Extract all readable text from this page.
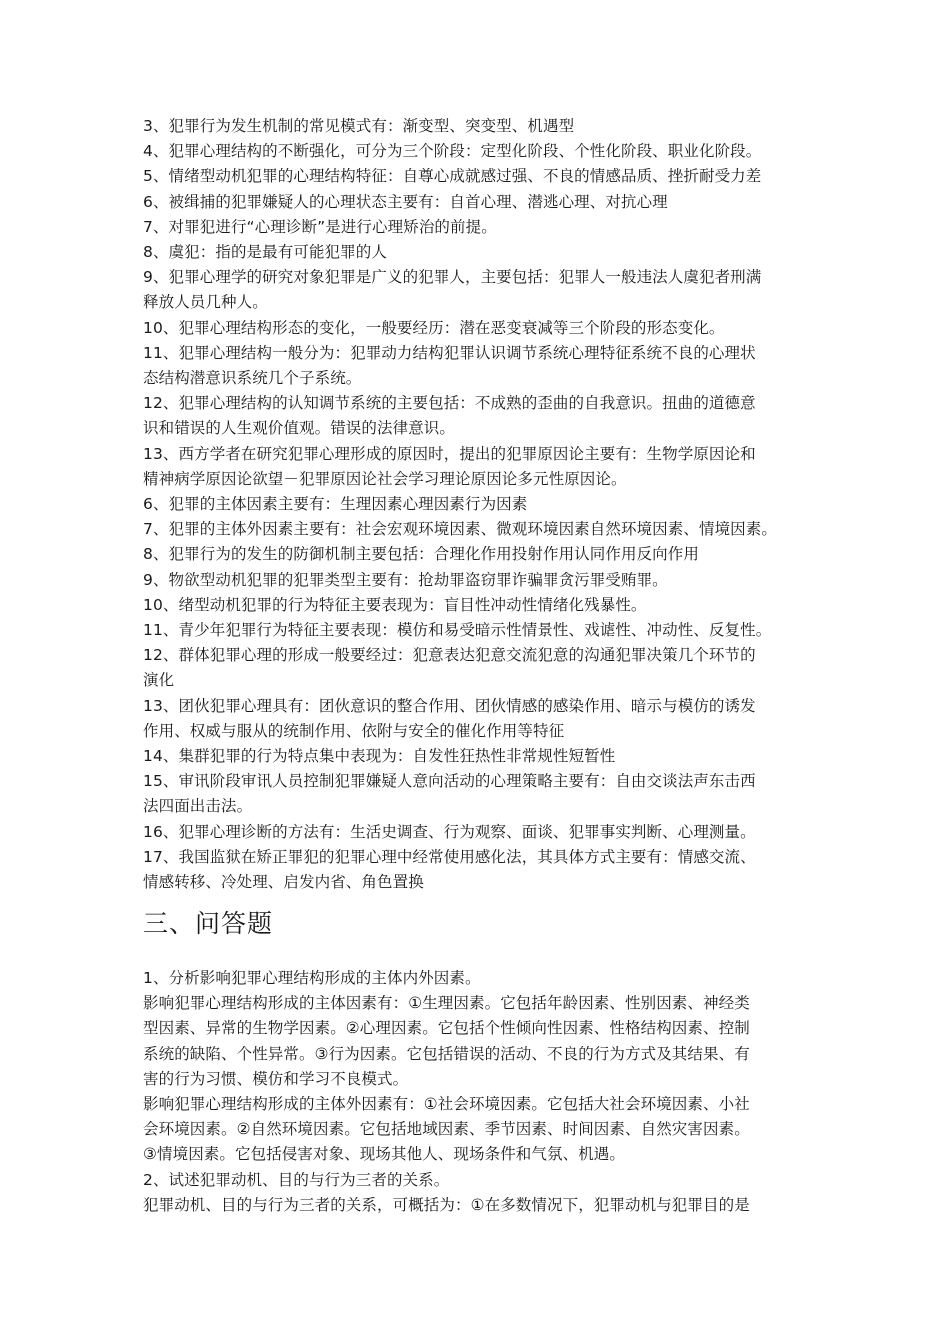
3、犯罪行为发生机制的常见模式有：渐变型、突变型、机遇型
4、犯罪心理结构的不断强化，可分为三个阶段：定型化阶段、个性化阶段、职业化阶段。
5、情绪型动机犯罪的心理结构特征：自尊心成就感过强、不良的情感品质、挫折耐受力差
6、被缉捕的犯罪嫌疑人的心理状态主要有：自首心理、潜逃心理、对抗心理
7、对罪犯进行“心理诊断”是进行心理矫治的前提。
8、虞犯：指的是最有可能犯罪的人
9、犯罪心理学的研究对象犯罪是广义的犯罪人，主要包括：犯罪人一般违法人虞犯者刑满
释放人员几种人。
10、犯罪心理结构形态的变化，一般要经历：潜在恶变衰减等三个阶段的形态变化。
11、犯罪心理结构一般分为：犯罪动力结构犯罪认识调节系统心理特征系统不良的心理状
态结构潜意识系统几个子系统。
12、犯罪心理结构的认知调节系统的主要包括：不成熟的歪曲的自我意识。扭曲的道德意
识和错误的人生观价值观。错误的法律意识。
13、西方学者在研究犯罪心理形成的原因时，提出的犯罪原因论主要有：生物学原因论和
精神病学原因论欲望－犯罪原因论社会学习理论原因论多元性原因论。
6、犯罪的主体因素主要有：生理因素心理因素行为因素
7、犯罪的主体外因素主要有：社会宏观环境因素、微观环境因素自然环境因素、情境因素。
8、犯罪行为的发生的防御机制主要包括：合理化作用投射作用认同作用反向作用
9、物欲型动机犯罪的犯罪类型主要有：抢劫罪盗窃罪诈骗罪贪污罪受贿罪。
10、绪型动机犯罪的行为特征主要表现为：盲目性冲动性情绪化残暴性。
11、青少年犯罪行为特征主要表现：模仿和易受暗示性情景性、戏谑性、冲动性、反复性。
12、群体犯罪心理的形成一般要经过：犯意表达犯意交流犯意的沟通犯罪决策几个环节的
演化
13、团伙犯罪心理具有：团伙意识的整合作用、团伙情感的感染作用、暗示与模仿的诱发
作用、权威与服从的统制作用、依附与安全的催化作用等特征
14、集群犯罪的行为特点集中表现为：自发性狂热性非常规性短暂性
15、审讯阶段审讯人员控制犯罪嫌疑人意向活动的心理策略主要有：自由交谈法声东击西
法四面出击法。
16、犯罪心理诊断的方法有：生活史调查、行为观察、面谈、犯罪事实判断、心理测量。
17、我国监狱在矫正罪犯的犯罪心理中经常使用感化法，其具体方式主要有：情感交流、
情感转移、冷处理、启发内省、角色置换
三、问答题
1、分析影响犯罪心理结构形成的主体内外因素。
影响犯罪心理结构形成的主体因素有：①生理因素。它包括年龄因素、性别因素、神经类
型因素、异常的生物学因素。②心理因素。它包括个性倾向性因素、性格结构因素、控制
系统的缺陷、个性异常。③行为因素。它包括错误的活动、不良的行为方式及其结果、有
害的行为习惯、模仿和学习不良模式。
影响犯罪心理结构形成的主体外因素有：①社会环境因素。它包括大社会环境因素、小社
会环境因素。②自然环境因素。它包括地域因素、季节因素、时间因素、自然灾害因素。
③情境因素。它包括侵害对象、现场其他人、现场条件和气氛、机遇。
2、试述犯罪动机、目的与行为三者的关系。
犯罪动机、目的与行为三者的关系，可概括为：①在多数情况下，犯罪动机与犯罪目的是
